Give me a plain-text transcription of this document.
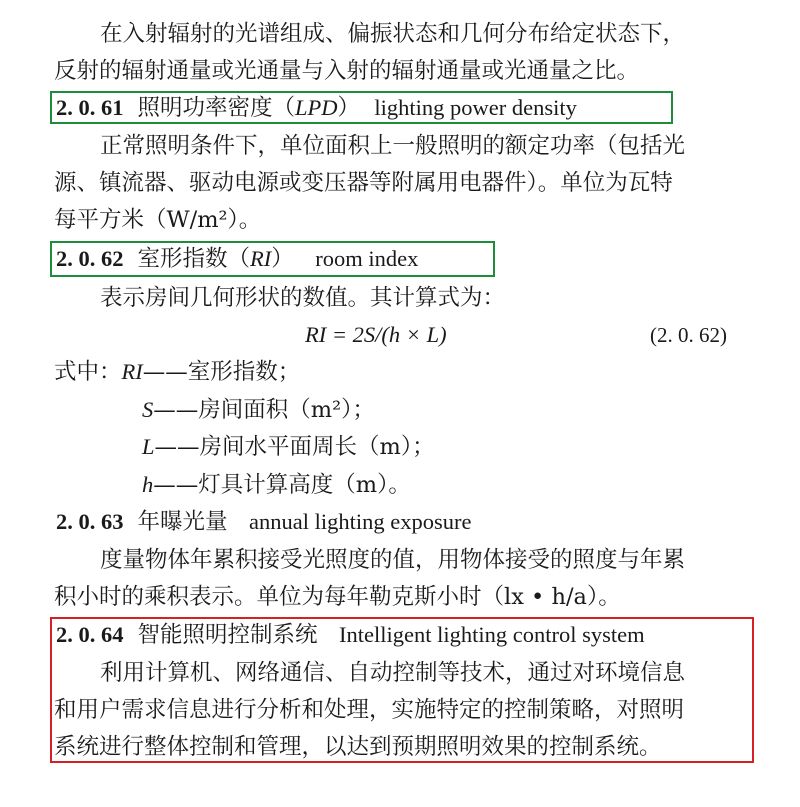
在入射辐射的光谱组成、偏振状态和几何分布给定状态下，
反射的辐射通量或光通量与入射的辐射通量或光通量之比。
2. 0. 61 照明功率密度（LPD） lighting power density
正常照明条件下，单位面积上一般照明的额定功率（包括光
源、镇流器、驱动电源或变压器等附属用电器件）。单位为瓦特
每平方米（W/m²）。
2. 0. 62 室形指数（RI） room index
表示房间几何形状的数值。其计算式为：
RI = 2S/(h × L)	(2. 0. 62)
式中：RI——室形指数；
S——房间面积（m²）；
L——房间水平面周长（m）；
h——灯具计算高度（m）。
2. 0. 63 年曝光量 annual lighting exposure
度量物体年累积接受光照度的值，用物体接受的照度与年累
积小时的乘积表示。单位为每年勒克斯小时（lx • h/a）。
2. 0. 64 智能照明控制系统 Intelligent lighting control system
利用计算机、网络通信、自动控制等技术，通过对环境信息
和用户需求信息进行分析和处理，实施特定的控制策略，对照明
系统进行整体控制和管理，以达到预期照明效果的控制系统。
